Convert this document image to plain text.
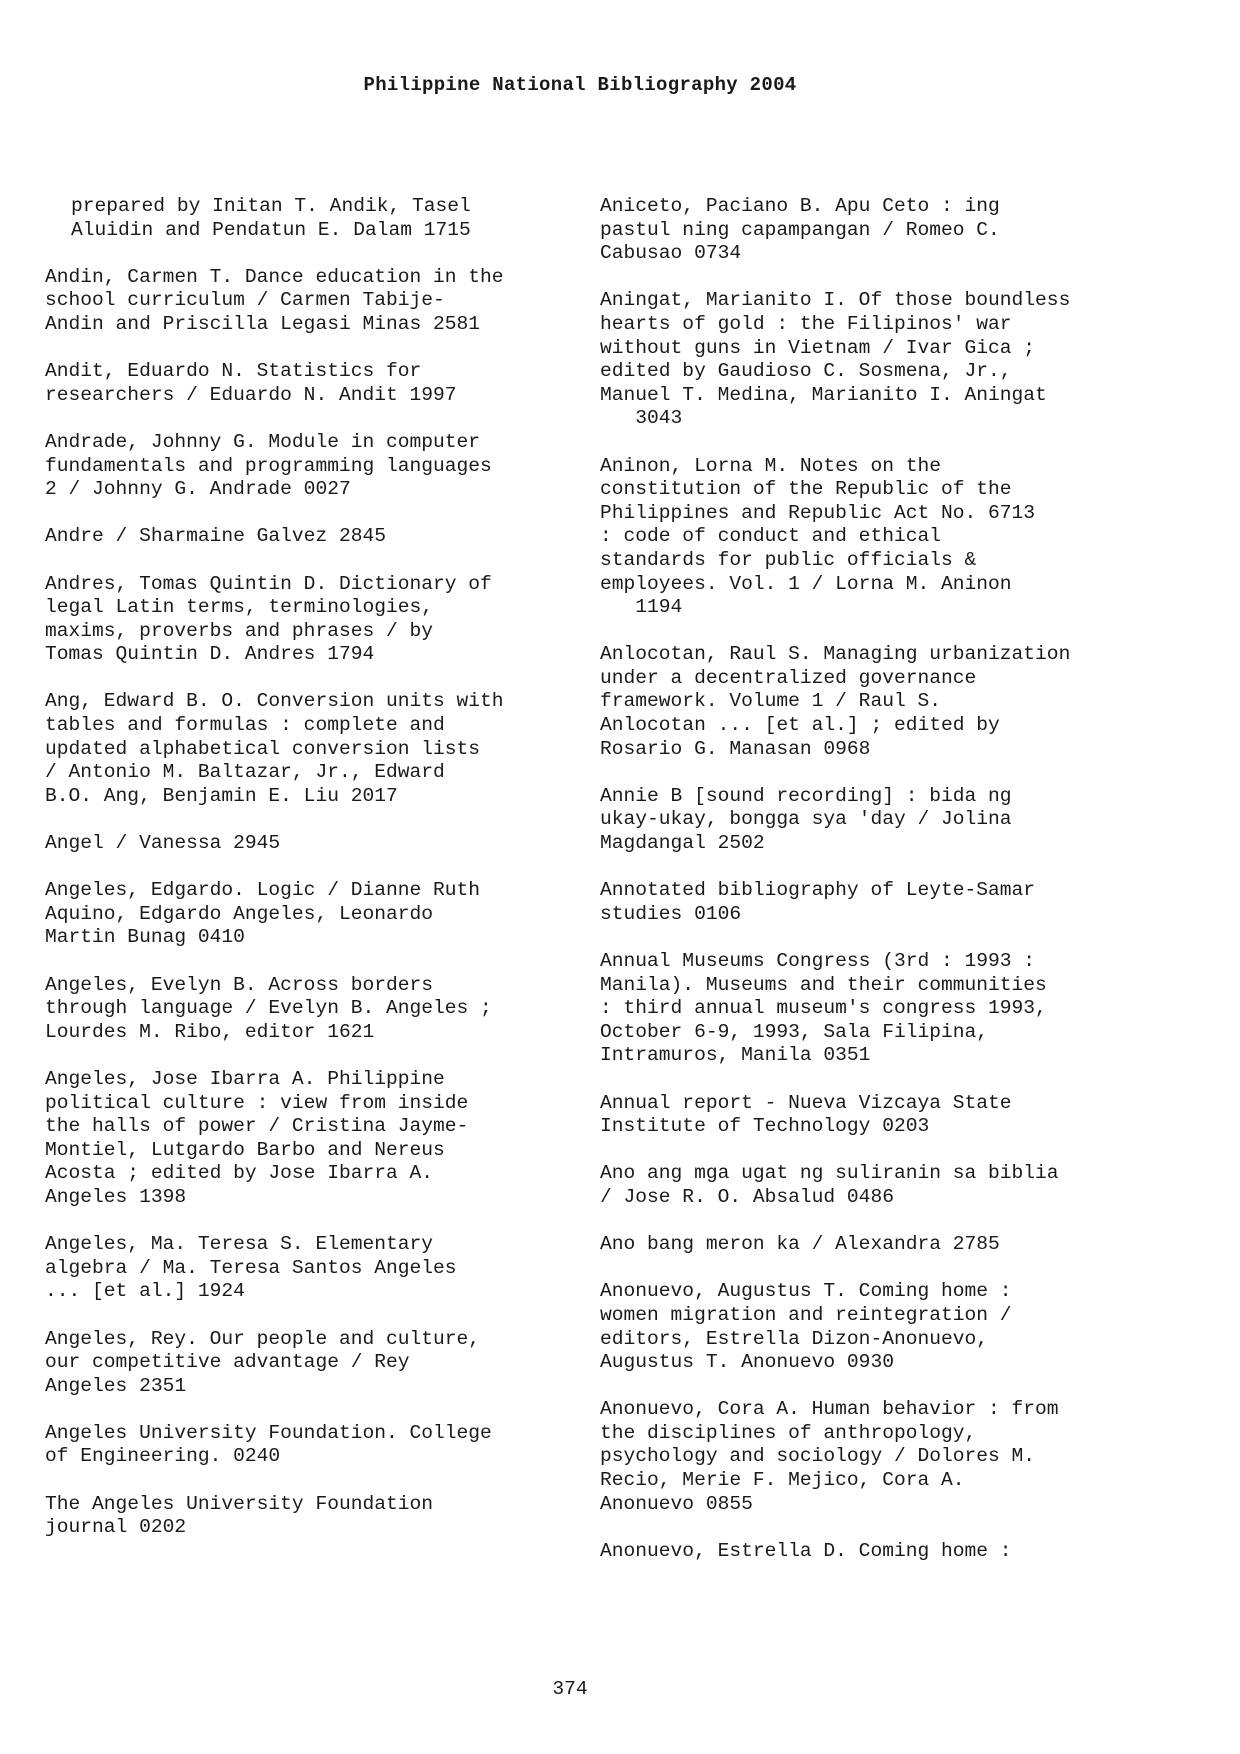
Philippine National Bibliography 2004
prepared by Initan T. Andik, Tasel
Aluidin and Pendatun E. Dalam 1715
Andin, Carmen T. Dance education in the
school curriculum / Carmen Tabije-
Andin and Priscilla Legasi Minas 2581
Andit, Eduardo N. Statistics for
researchers / Eduardo N. Andit 1997
Andrade, Johnny G. Module in computer
fundamentals and programming languages
2 / Johnny G. Andrade 0027
Andre / Sharmaine Galvez 2845
Andres, Tomas Quintin D. Dictionary of
legal Latin terms, terminologies,
maxims, proverbs and phrases / by
Tomas Quintin D. Andres 1794
Ang, Edward B. O. Conversion units with
tables and formulas : complete and
updated alphabetical conversion lists
/ Antonio M. Baltazar, Jr., Edward
B.O. Ang, Benjamin E. Liu 2017
Angel / Vanessa 2945
Angeles, Edgardo. Logic / Dianne Ruth
Aquino, Edgardo Angeles, Leonardo
Martin Bunag 0410
Angeles, Evelyn B. Across borders
through language / Evelyn B. Angeles ;
Lourdes M. Ribo, editor 1621
Angeles, Jose Ibarra A. Philippine
political culture : view from inside
the halls of power / Cristina Jayme-
Montiel, Lutgardo Barbo and Nereus
Acosta ; edited by Jose Ibarra A.
Angeles 1398
Angeles, Ma. Teresa S. Elementary
algebra / Ma. Teresa Santos Angeles
... [et al.] 1924
Angeles, Rey. Our people and culture,
our competitive advantage / Rey
Angeles 2351
Angeles University Foundation. College
of Engineering. 0240
The Angeles University Foundation
journal 0202
Aniceto, Paciano B. Apu Ceto : ing
pastul ning capampangan / Romeo C.
Cabusao 0734
Aningat, Marianito I. Of those boundless
hearts of gold : the Filipinos' war
without guns in Vietnam / Ivar Gica ;
edited by Gaudioso C. Sosmena, Jr.,
Manuel T. Medina, Marianito I. Aningat
3043
Aninon, Lorna M. Notes on the
constitution of the Republic of the
Philippines and Republic Act No. 6713
: code of conduct and ethical
standards for public officials &
employees. Vol. 1 / Lorna M. Aninon
1194
Anlocotan, Raul S. Managing urbanization
under a decentralized governance
framework. Volume 1 / Raul S.
Anlocotan ... [et al.] ; edited by
Rosario G. Manasan 0968
Annie B [sound recording] : bida ng
ukay-ukay, bongga sya 'day / Jolina
Magdangal 2502
Annotated bibliography of Leyte-Samar
studies 0106
Annual Museums Congress (3rd : 1993 :
Manila). Museums and their communities
: third annual museum's congress 1993,
October 6-9, 1993, Sala Filipina,
Intramuros, Manila 0351
Annual report - Nueva Vizcaya State
Institute of Technology 0203
Ano ang mga ugat ng suliranin sa biblia
/ Jose R. O. Absalud 0486
Ano bang meron ka / Alexandra 2785
Anonuevo, Augustus T. Coming home :
women migration and reintegration /
editors, Estrella Dizon-Anonuevo,
Augustus T. Anonuevo 0930
Anonuevo, Cora A. Human behavior : from
the disciplines of anthropology,
psychology and sociology / Dolores M.
Recio, Merie F. Mejico, Cora A.
Anonuevo 0855
Anonuevo, Estrella D. Coming home :
374
